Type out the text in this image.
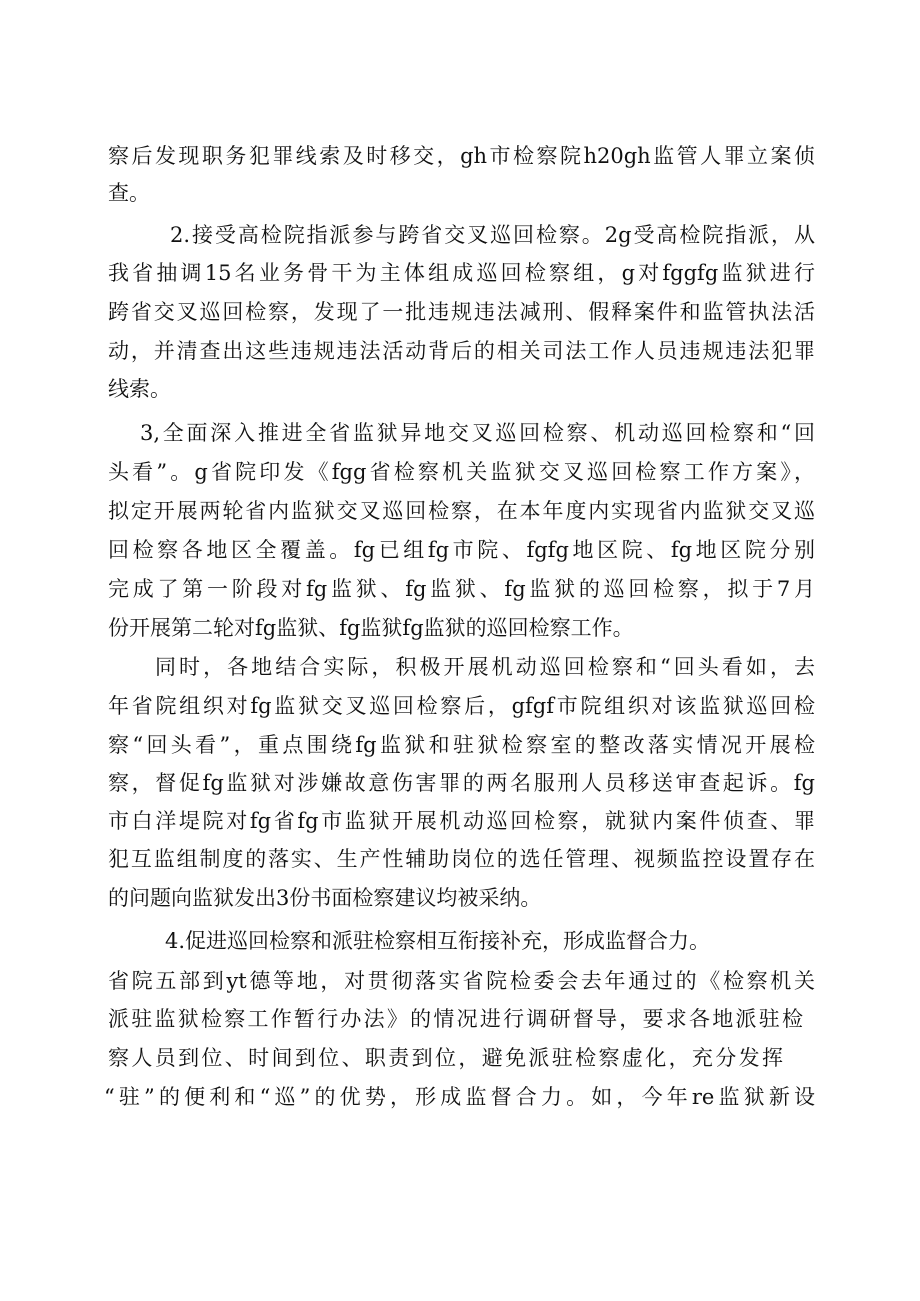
察后发现职务犯罪线索及时移交，gh市检察院h20gh监管人罪立案侦
查。
2.接受高检院指派参与跨省交叉巡回检察。2g受高检院指派，从
我省抽调15名业务骨干为主体组成巡回检察组，g对fggfg监狱进行
跨省交叉巡回检察，发现了一批违规违法减刑、假释案件和监管执法活
动，并清查出这些违规违法活动背后的相关司法工作人员违规违法犯罪
线索。
3,全面深入推进全省监狱异地交叉巡回检察、机动巡回检察和“回
头看”。g省院印发《fgg省检察机关监狱交叉巡回检察工作方案》，
拟定开展两轮省内监狱交叉巡回检察，在本年度内实现省内监狱交叉巡
回检察各地区全覆盖。fg已组fg市院、fgfg地区院、fg地区院分别
完成了第一阶段对fg监狱、fg监狱、fg监狱的巡回检察，拟于7月
份开展第二轮对fg监狱、fg监狱fg监狱的巡回检察工作。
同时，各地结合实际，积极开展机动巡回检察和“回头看如，去
年省院组织对fg监狱交叉巡回检察后，gfgf市院组织对该监狱巡回检
察“回头看”，重点围绕fg监狱和驻狱检察室的整改落实情况开展检
察，督促fg监狱对涉嫌故意伤害罪的两名服刑人员移送审查起诉。fg
市白洋堤院对fg省fg市监狱开展机动巡回检察，就狱内案件侦查、罪
犯互监组制度的落实、生产性辅助岗位的选任管理、视频监控设置存在
的问题向监狱发出3份书面检察建议均被采纳。
4.促进巡回检察和派驻检察相互衔接补充，形成监督合力。
省院五部到yt德等地，对贯彻落实省院检委会去年通过的《检察机关
派驻监狱检察工作暂行办法》的情况进行调研督导，要求各地派驻检
察人员到位、时间到位、职责到位，避免派驻检察虚化，充分发挥
“驻”的便利和“巡”的优势，形成监督合力。如，今年re监狱新设
